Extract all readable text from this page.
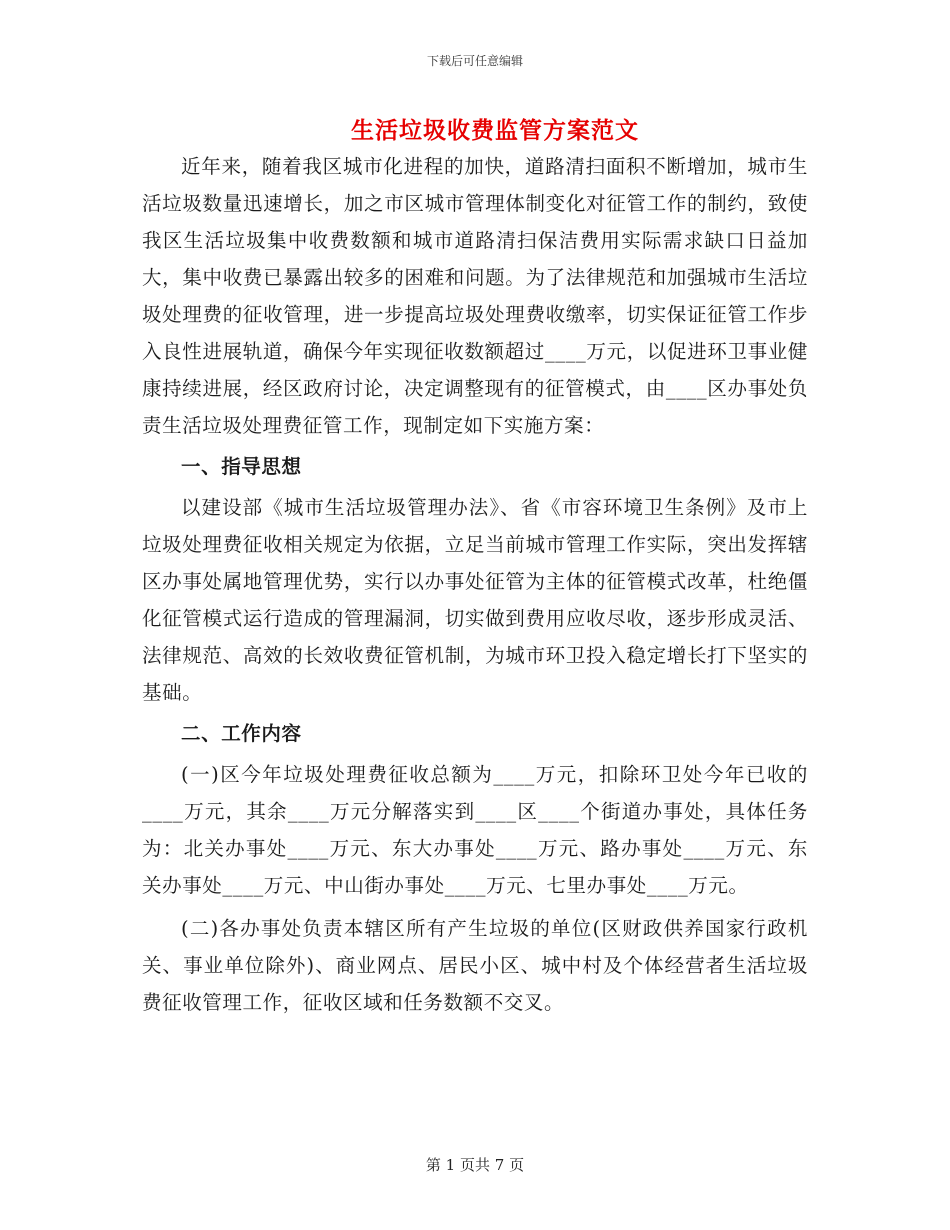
下载后可任意编辑
生活垃圾收费监管方案范文

近年来，随着我区城市化进程的加快，道路清扫面积不断增加，城市生活垃圾数量迅速增长，加之市区城市管理体制变化对征管工作的制约，致使我区生活垃圾集中收费数额和城市道路清扫保洁费用实际需求缺口日益加大，集中收费已暴露出较多的困难和问题。为了法律规范和加强城市生活垃圾处理费的征收管理，进一步提高垃圾处理费收缴率，切实保证征管工作步入良性进展轨道，确保今年实现征收数额超过____万元，以促进环卫事业健康持续进展，经区政府讨论，决定调整现有的征管模式，由____区办事处负责生活垃圾处理费征管工作，现制定如下实施方案：

一、指导思想

以建设部《城市生活垃圾管理办法》、省《市容环境卫生条例》及市上垃圾处理费征收相关规定为依据，立足当前城市管理工作实际，突出发挥辖区办事处属地管理优势，实行以办事处征管为主体的征管模式改革，杜绝僵化征管模式运行造成的管理漏洞，切实做到费用应收尽收，逐步形成灵活、法律规范、高效的长效收费征管机制，为城市环卫投入稳定增长打下坚实的基础。

二、工作内容

(一)区今年垃圾处理费征收总额为____万元，扣除环卫处今年已收的____万元，其余____万元分解落实到____区____个街道办事处，具体任务为：北关办事处____万元、东大办事处____万元、路办事处____万元、东关办事处____万元、中山街办事处____万元、七里办事处____万元。

(二)各办事处负责本辖区所有产生垃圾的单位(区财政供养国家行政机关、事业单位除外)、商业网点、居民小区、城中村及个体经营者生活垃圾费征收管理工作，征收区域和任务数额不交叉。

第 1 页共 7 页
